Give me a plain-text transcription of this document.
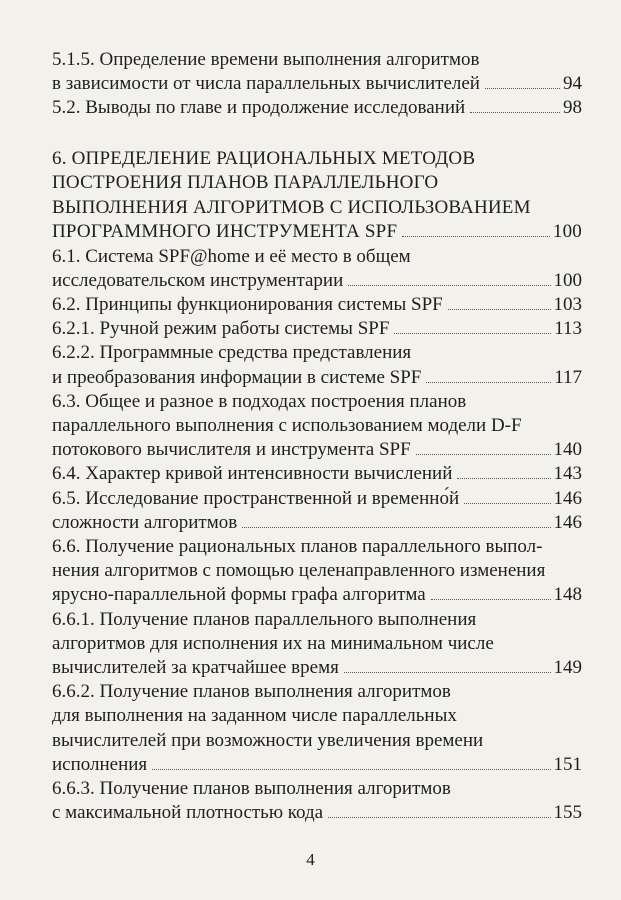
5.1.5. Определение времени выполнения алгоритмов
в зависимости от числа параллельных вычислителей	94
5.2. Выводы по главе и продолжение исследований	98
6. ОПРЕДЕЛЕНИЕ РАЦИОНАЛЬНЫХ МЕТОДОВ
ПОСТРОЕНИЯ ПЛАНОВ ПАРАЛЛЕЛЬНОГО
ВЫПОЛНЕНИЯ АЛГОРИТМОВ С ИСПОЛЬЗОВАНИЕМ
ПРОГРАММНОГО ИНСТРУМЕНТА SPF	100
6.1. Система SPF@home и её место в общем
исследовательском инструментарии	100
6.2. Принципы функционирования системы SPF	103
6.2.1. Ручной режим работы системы SPF	113
6.2.2. Программные средства представления
и преобразования информации в системе SPF	117
6.3. Общее и разное в подходах построения планов
параллельного выполнения с использованием модели D-F
потокового вычислителя и инструмента SPF	140
6.4. Характер кривой интенсивности вычислений	143
6.5. Исследование пространственной и временно́й	146
сложности алгоритмов	146
6.6. Получение рациональных планов параллельного выпол-
нения алгоритмов с помощью целенаправленного изменения
ярусно-параллельной формы графа алгоритма	148
6.6.1. Получение планов параллельного выполнения
алгоритмов для исполнения их на минимальном числе
вычислителей за кратчайшее время	149
6.6.2. Получение планов выполнения алгоритмов
для выполнения на заданном числе параллельных
вычислителей при возможности увеличения времени
исполнения	151
6.6.3. Получение планов выполнения алгоритмов
с максимальной плотностью кода	155
4
